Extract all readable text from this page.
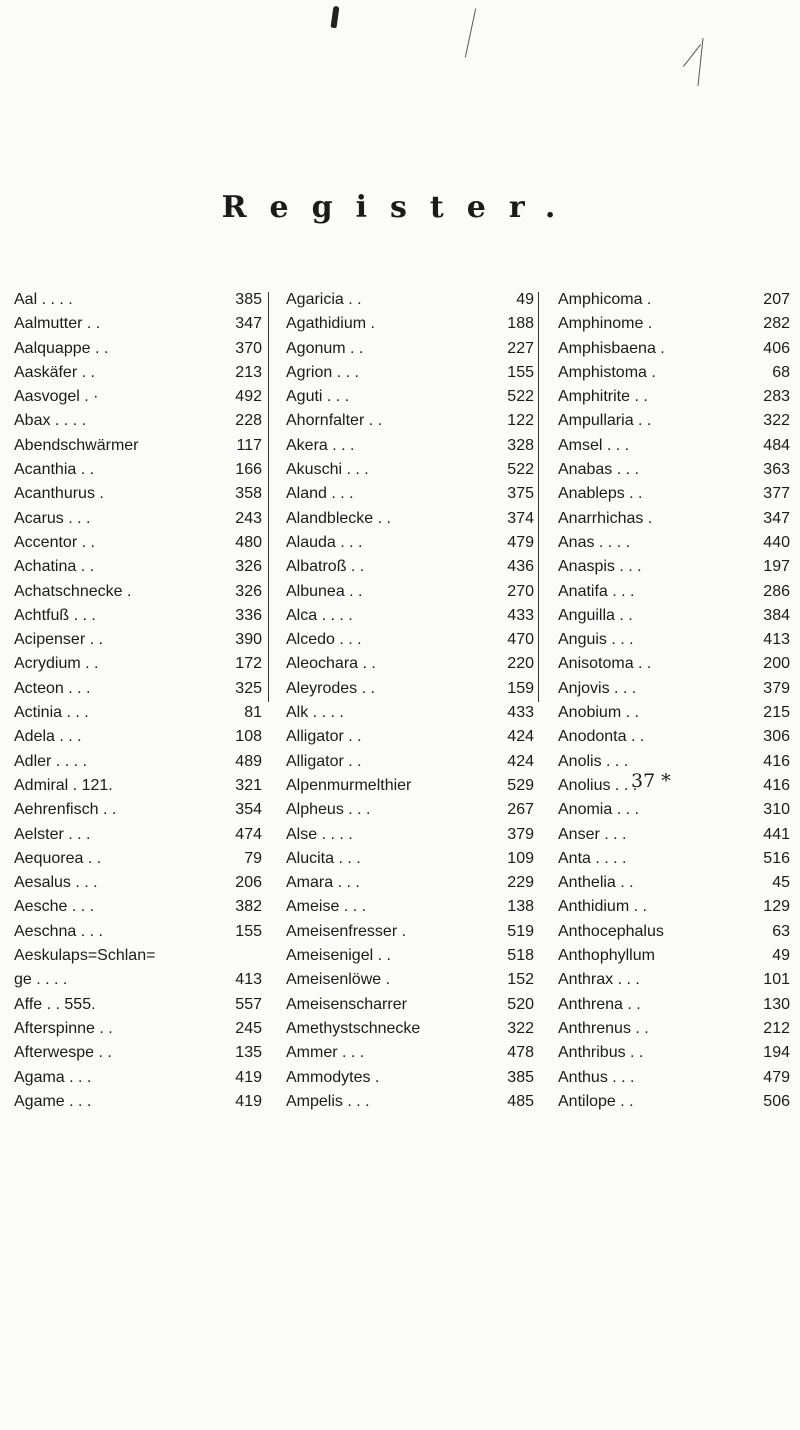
Register.
Aal . . . .	385
Aalmutter . .	347
Aalquappe . .	370
Aaskäfer . .	213
Aasvogel . ·	492
Abax . . . .	228
Abendschwärmer	117
Acanthia . .	166
Acanthurus .	358
Acarus . . .	243
Accentor . .	480
Achatina . .	326
Achatschnecke .	326
Achtfuß . . .	336
Acipenser . .	390
Acrydium . .	172
Acteon . . .	325
Actinia . . .	81
Adela . . .	108
Adler . . . .	489
Admiral . 121.	321
Aehrenfisch . .	354
Aelster . . .	474
Aequorea . .	79
Aesalus . . .	206
Aesche . . .	382
Aeschna . . .	155
Aeskulaps=Schlan=
ge . . . .	413
Affe . . 555.	557
Afterspinne . .	245
Afterwespe . .	135
Agama . . .	419
Agame . . .	419
Agaricia . .	49
Agathidium .	188
Agonum . .	227
Agrion . . .	155
Aguti . . .	522
Ahornfalter . .	122
Akera . . .	328
Akuschi . . .	522
Aland . . .	375
Alandblecke . .	374
Alauda . . .	479
Albatroß . .	436
Albunea . .	270
Alca . . . .	433
Alcedo . . .	470
Aleochara . .	220
Aleyrodes . .	159
Alk . . . .	433
Alligator . .	424
Alligator . .	424
Alpenmurmelthier	529
Alpheus . . .	267
Alse . . . .	379
Alucita . . .	109
Amara . . .	229
Ameise . . .	138
Ameisenfresser .	519
Ameisenigel . .	518
Ameisenlöwe .	152
Ameisenscharrer	520
Amethystschnecke	322
Ammer . . .	478
Ammodytes .	385
Ampelis . . .	485
Amphicoma .	207
Amphinome .	282
Amphisbaena .	406
Amphistoma .	68
Amphitrite . .	283
Ampullaria . .	322
Amsel . . .	484
Anabas . . .	363
Anableps . .	377
Anarrhichas .	347
Anas . . . .	440
Anaspis . . .	197
Anatifa . . .	286
Anguilla . .	384
Anguis . . .	413
Anisotoma . .	200
Anjovis . . .	379
Anobium . .	215
Anodonta . .	306
Anolis . . .	416
Anolius . . .	416
Anomia . . .	310
Anser . . .	441
Anta . . . .	516
Anthelia . .	45
Anthidium . .	129
Anthocephalus	63
Anthophyllum	49
Anthrax . . .	101
Anthrena . .	130
Anthrenus . .	212
Anthribus . .	194
Anthus . . .	479
Antilope . .	506
37 *
